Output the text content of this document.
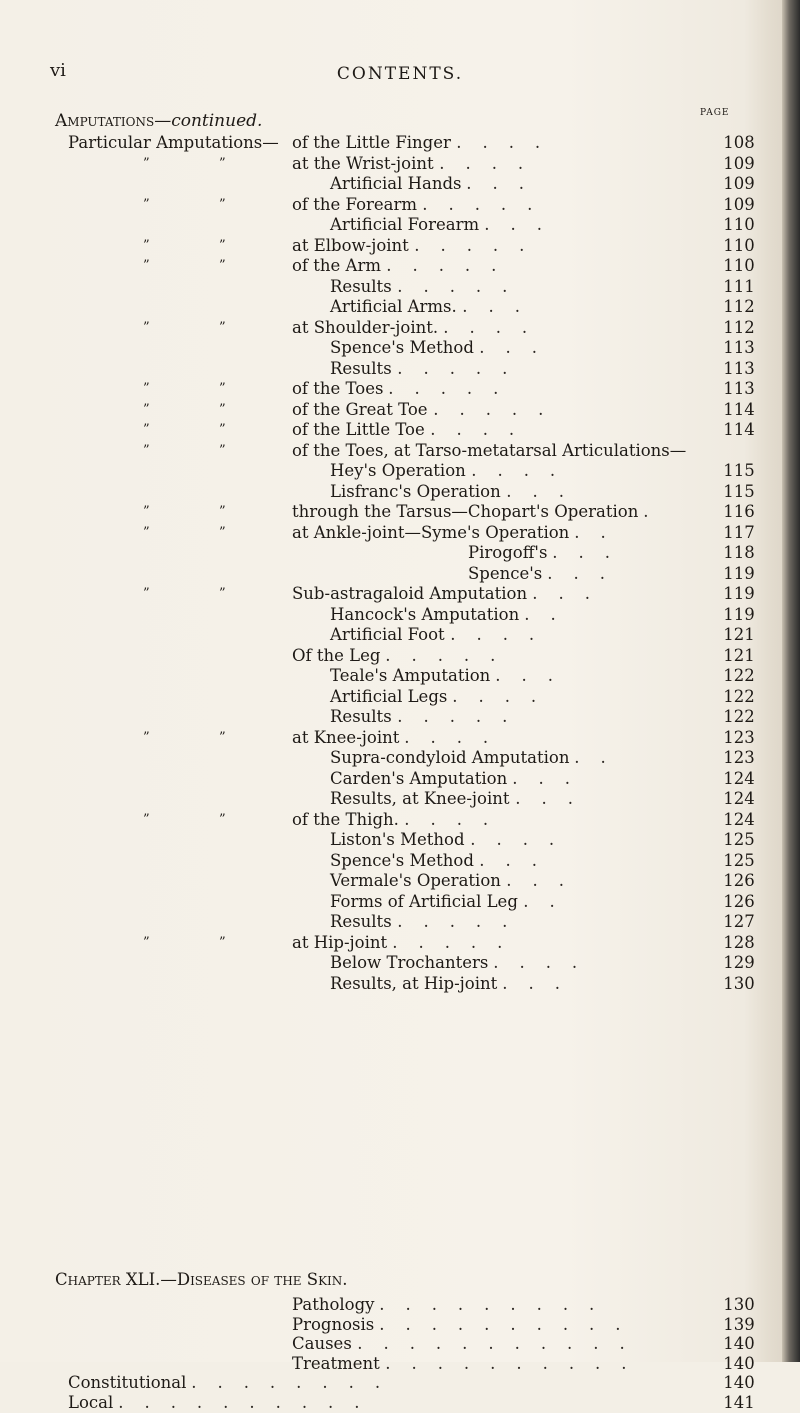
vi	CONTENTS.
PAGE
Amputations—continued.
Particular Amputations— of the Little Finger .    .    .    .	108
”	”	at the Wrist-joint .    .    .    .	109
Artificial Hands .    .    .	109
”	”	of the Forearm .    .    .    .    .	109
Artificial Forearm .    .    .	110
”	”	at Elbow-joint .    .    .    .    .	110
”	”	of the Arm .    .    .    .    .	110
Results .    .    .    .    .	111
Artificial Arms. .    .    .	112
”	”	at Shoulder-joint. .    .    .    .	112
Spence's Method .    .    .	113
Results .    .    .    .    .	113
”	”	of the Toes .    .    .    .    .	113
”	”	of the Great Toe .    .    .    .    .	114
”	”	of the Little Toe .    .    .    .	114
”	”	of the Toes, at Tarso-metatarsal Articulations—
Hey's Operation .    .    .    .	115
Lisfranc's Operation .    .    .	115
”	”	through the Tarsus—Chopart's Operation .	116
”	”	at Ankle-joint—Syme's Operation .    .	117
Pirogoff's .    .    .	118
Spence's .    .    .	119
”	”	Sub-astragaloid Amputation .    .    .	119
Hancock's Amputation .    .	119
Artificial Foot .    .    .    .	121
Of the Leg .    .    .    .    .	121
Teale's Amputation .    .    .	122
Artificial Legs .    .    .    .	122
Results .    .    .    .    .	122
”	”	at Knee-joint .    .    .    .	123
Supra-condyloid Amputation .    .	123
Carden's Amputation .    .    .	124
Results, at Knee-joint .    .    .	124
”	”	of the Thigh. .    .    .    .	124
Liston's Method .    .    .    .	125
Spence's Method .    .    .	125
Vermale's Operation .    .    .	126
Forms of Artificial Leg .    .	126
Results .    .    .    .    .	127
”	”	at Hip-joint .    .    .    .    .	128
Below Trochanters .    .    .    .	129
Results, at Hip-joint .    .    .	130
Chapter XLI.—Diseases of the Skin.
Pathology .    .    .    .    .    .    .    .    .	130
Prognosis .    .    .    .    .    .    .    .    .    .	139
Causes .    .    .    .    .    .    .    .    .    .    .	140
Treatment .    .    .    .    .    .    .    .    .    .	140
Constitutional .    .    .    .    .    .    .    .	140
Local .    .    .    .    .    .    .    .    .    .	141
